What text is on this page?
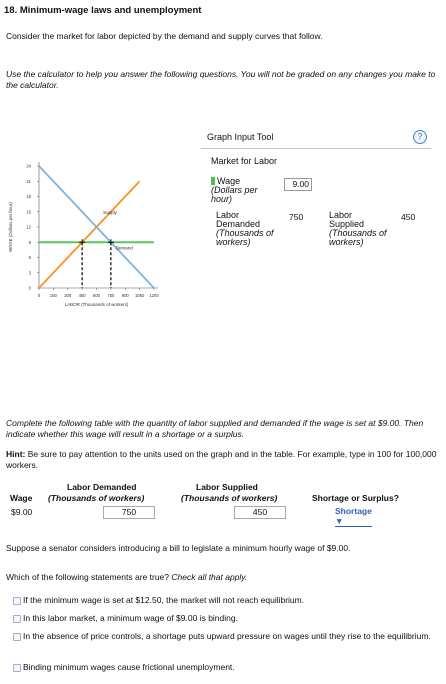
18. Minimum-wage laws and unemployment
Consider the market for labor depicted by the demand and supply curves that follow.
Use the calculator to help you answer the following questions. You will not be graded on any changes you make to the calculator.
0 150 300 450 600 750 900 1050 1200
0
3
6
9
12
15
18
21
24
Supply
Demand
LABOR (Thousands of workers)
WAGE (Dollars per hour)
Graph Input Tool	?
Market for Labor
Wage
(Dollars per hour)
9.00
Labor Demanded
(Thousands of workers)
750	Labor Supplied
(Thousands of workers)
450
Complete the following table with the quantity of labor supplied and demanded if the wage is set at $9.00. Then indicate whether this wage will result in a shortage or a surplus.
Hint: Be sure to pay attention to the units used on the graph and in the table. For example, type in 100 for 100,000 workers.
Labor Demanded	Labor Supplied
Wage (Thousands of workers)	(Thousands of workers)	Shortage or Surplus?
$9.00	750	450	Shortage ▼
Suppose a senator considers introducing a bill to legislate a minimum hourly wage of $9.00.
Which of the following statements are true? Check all that apply.
If the minimum wage is set at $12.50, the market will not reach equilibrium.
In this labor market, a minimum wage of $9.00 is binding.
In the absence of price controls, a shortage puts upward pressure on wages until they rise to the equilibrium.
Binding minimum wages cause frictional unemployment.
